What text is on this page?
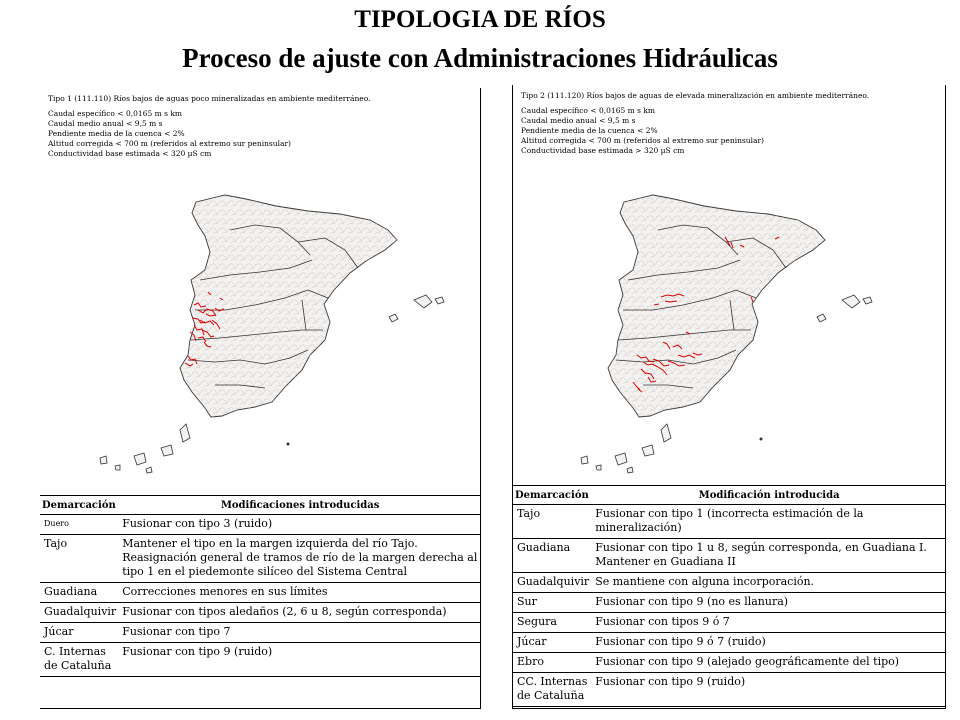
TIPOLOGIA DE RÍOS
Proceso de ajuste con Administraciones Hidráulicas
Tipo 1 (111.110) Ríos bajos de aguas poco mineralizadas en ambiente mediterráneo.
Caudal específico < 0,0165 m s km
Caudal medio anual < 9,5 m s
Pendiente media de la cuenca < 2%
Altitud corregida < 700 m (referidos al extremo sur peninsular)
Conductividad base estimada < 320 µS cm
Demarcación	Modificaciones introducidas
Duero	Fusionar con tipo 3 (ruido)
Tajo	Mantener el tipo en la margen izquierda del río Tajo. Reasignación general de tramos de río de la margen derecha al tipo 1 en el piedemonte silíceo del Sistema Central
Guadiana	Correcciones menores en sus límites
Guadalquivir	Fusionar con tipos aledaños (2, 6 u 8, según corresponda)
Júcar	Fusionar con tipo 7
C. Internas de Cataluña	Fusionar con tipo 9 (ruido)
Tipo 2 (111.120) Ríos bajos de aguas de elevada mineralización en ambiente mediterráneo.
Caudal específico < 0,0165 m s km
Caudal medio anual < 9,5 m s
Pendiente media de la cuenca < 2%
Altitud corregida < 700 m (referidos al extremo sur peninsular)
Conductividad base estimada > 320 µS cm
Demarcación	Modificación introducida
Tajo	Fusionar con tipo 1 (incorrecta estimación de la mineralización)
Guadiana	Fusionar con tipo 1 u 8, según corresponda, en Guadiana I. Mantener en Guadiana II
Guadalquivir	Se mantiene con alguna incorporación.
Sur	Fusionar con tipo 9 (no es llanura)
Segura	Fusionar con tipos 9 ó 7
Júcar	Fusionar con tipo 9 ó 7 (ruido)
Ebro	Fusionar con tipo 9 (alejado geográficamente del tipo)
CC. Internas de Cataluña	Fusionar con tipo 9 (ruido)
